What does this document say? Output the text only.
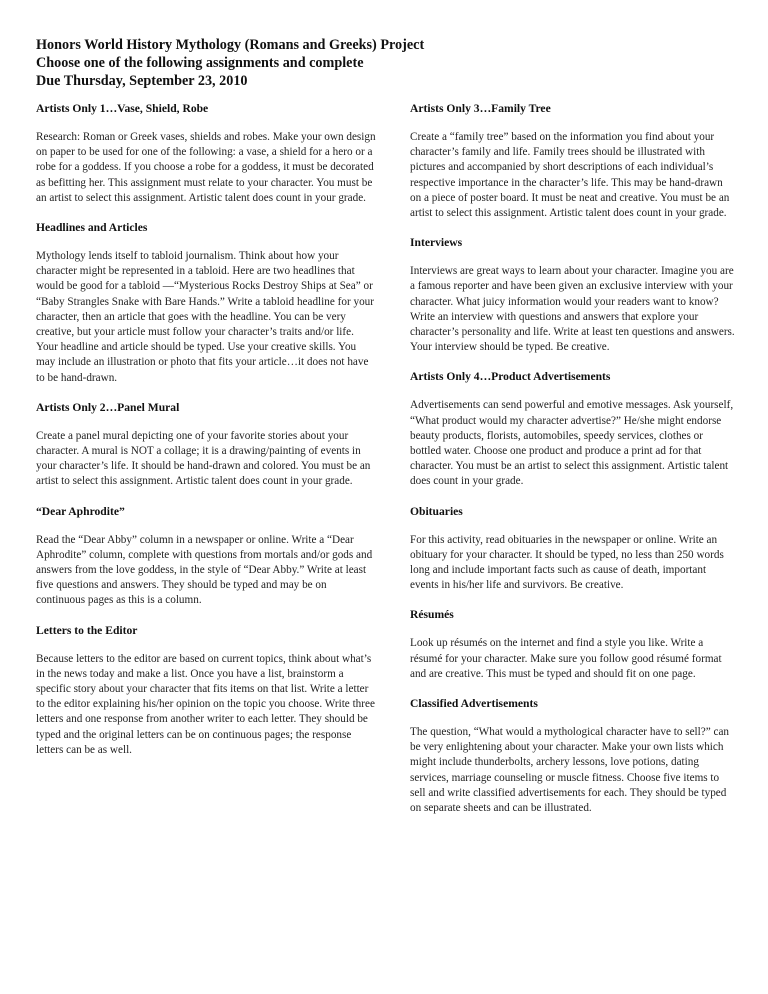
Honors World History Mythology (Romans and Greeks) Project
Choose one of the following assignments and complete
Due Thursday, September 23, 2010
Artists Only 1…Vase, Shield, Robe
Research: Roman or Greek vases, shields and robes. Make your own design on paper to be used for one of the following: a vase, a shield for a hero or a robe for a goddess. If you choose a robe for a goddess, it must be decorated as befitting her. This assignment must relate to your character. You must be an artist to select this assignment. Artistic talent does count in your grade.
Headlines and Articles
Mythology lends itself to tabloid journalism. Think about how your character might be represented in a tabloid. Here are two headlines that would be good for a tabloid —“Mysterious Rocks Destroy Ships at Sea” or “Baby Strangles Snake with Bare Hands.” Write a tabloid headline for your character, then an article that goes with the headline. You can be very creative, but your article must follow your character’s traits and/or life. Your headline and article should be typed. Use your creative skills. You may include an illustration or photo that fits your article…it does not have to be hand-drawn.
Artists Only 2…Panel Mural
Create a panel mural depicting one of your favorite stories about your character. A mural is NOT a collage; it is a drawing/painting of events in your character’s life. It should be hand-drawn and colored. You must be an artist to select this assignment. Artistic talent does count in your grade.
“Dear Aphrodite”
Read the “Dear Abby” column in a newspaper or online. Write a “Dear Aphrodite” column, complete with questions from mortals and/or gods and answers from the love goddess, in the style of “Dear Abby.” Write at least five questions and answers. They should be typed and may be on continuous pages as this is a column.
Letters to the Editor
Because letters to the editor are based on current topics, think about what’s in the news today and make a list. Once you have a list, brainstorm a specific story about your character that fits items on that list. Write a letter to the editor explaining his/her opinion on the topic you choose. Write three letters and one response from another writer to each letter. They should be typed and the original letters can be on continuous pages; the response letters can be as well.
Artists Only 3…Family Tree
Create a “family tree” based on the information you find about your character’s family and life. Family trees should be illustrated with pictures and accompanied by short descriptions of each individual’s respective importance in the character’s life. This may be hand-drawn on a piece of poster board. It must be neat and creative. You must be an artist to select this assignment. Artistic talent does count in your grade.
Interviews
Interviews are great ways to learn about your character. Imagine you are a famous reporter and have been given an exclusive interview with your character. What juicy information would your readers want to know? Write an interview with questions and answers that explore your character’s personality and life. Write at least ten questions and answers. Your interview should be typed. Be creative.
Artists Only 4…Product Advertisements
Advertisements can send powerful and emotive messages. Ask yourself, “What product would my character advertise?” He/she might endorse beauty products, florists, automobiles, speedy services, clothes or bottled water. Choose one product and produce a print ad for that character. You must be an artist to select this assignment. Artistic talent does count in your grade.
Obituaries
For this activity, read obituaries in the newspaper or online. Write an obituary for your character. It should be typed, no less than 250 words long and include important facts such as cause of death, important events in his/her life and survivors. Be creative.
Résumés
Look up résumés on the internet and find a style you like. Write a résumé for your character. Make sure you follow good résumé format and are creative. This must be typed and should fit on one page.
Classified Advertisements
The question, “What would a mythological character have to sell?” can be very enlightening about your character. Make your own lists which might include thunderbolts, archery lessons, love potions, dating services, marriage counseling or muscle fitness. Choose five items to sell and write classified advertisements for each. They should be typed on separate sheets and can be illustrated.
